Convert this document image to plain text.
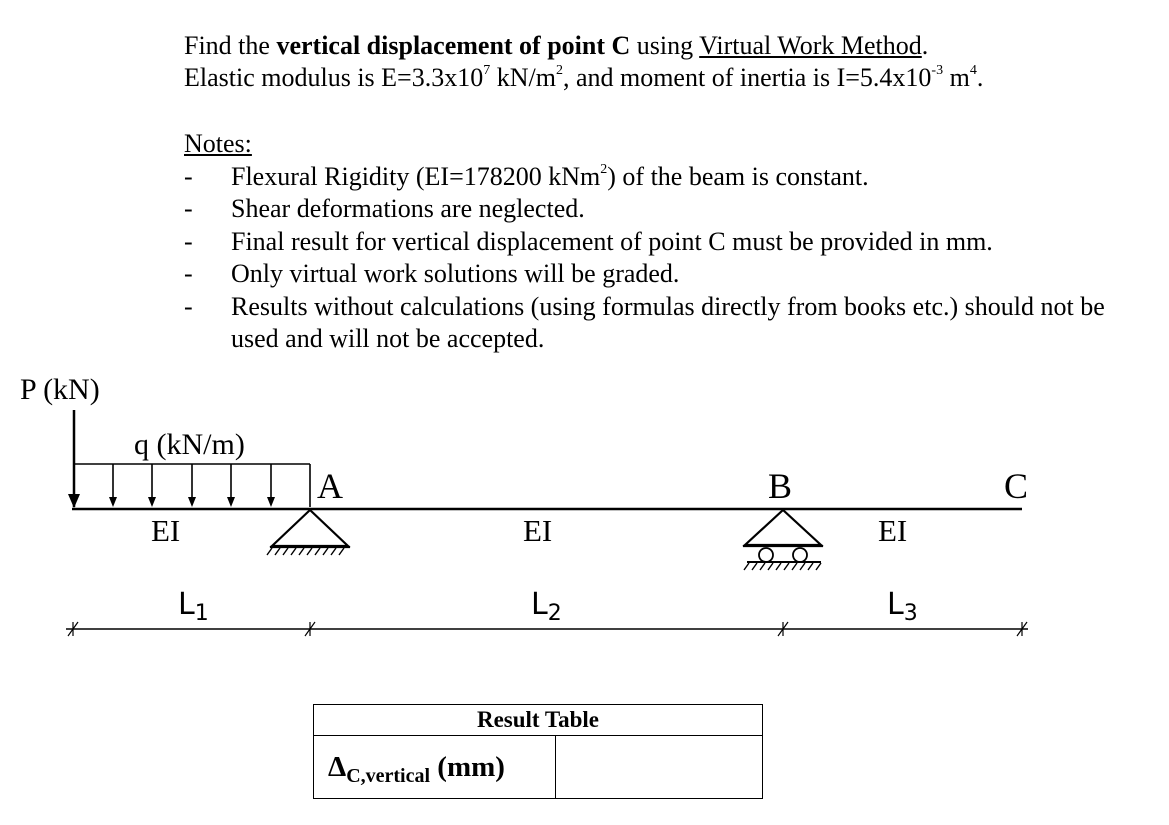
Find the vertical displacement of point C using Virtual Work Method.
Elastic modulus is $E=3.3x10^7$ $kN/m^2$, and moment of inertia is $I=5.4x10^{-3}$ $m^4$.
Notes:
- Flexural Rigidity (EI=178200 kNm$^2$) of the beam is constant.
- Shear deformations are neglected.
- Final result for vertical displacement of point C must be provided in mm.
- Only virtual work solutions will be graded.
- Results without calculations (using formulas directly from books etc.) should not be used and will not be accepted.
P (kN)
q (kN/m)
A	B	C
EI	EI	EI
$L_1$	$L_2$	$L_3$
Result Table
$\Delta_{C,vertical}$ (mm)	
